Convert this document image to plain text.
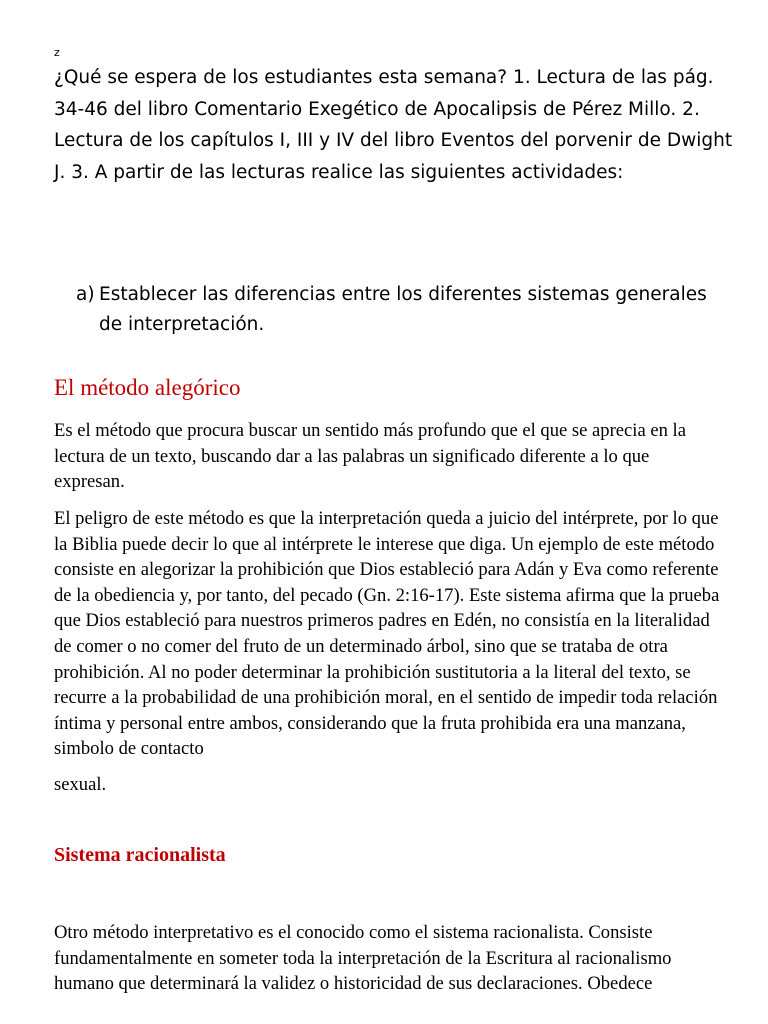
z

¿Qué se espera de los estudiantes esta semana? 1. Lectura de las pág. 34-46 del libro Comentario Exegético de Apocalipsis de Pérez Millo. 2. Lectura de los capítulos I, III y IV del libro Eventos del porvenir de Dwight J. 3. A partir de las lecturas realice las siguientes actividades:

a) Establecer las diferencias entre los diferentes sistemas generales de interpretación.
El método alegórico

Es el método que procura buscar un sentido más profundo que el que se aprecia en la lectura de un texto, buscando dar a las palabras un significado diferente a lo que expresan.

El peligro de este método es que la interpretación queda a juicio del intérprete, por lo que la Biblia puede decir lo que al intérprete le interese que diga. Un ejemplo de este método consiste en alegorizar la prohibición que Dios estableció para Adán y Eva como referente de la obediencia y, por tanto, del pecado (Gn. 2:16-17). Este sistema afirma que la prueba que Dios estableció para nuestros primeros padres en Edén, no consistía en la literalidad de comer o no comer del fruto de un determinado árbol, sino que se trataba de otra prohibición. Al no poder determinar la prohibición sustitutoria a la literal del texto, se recurre a la probabilidad de una prohibición moral, en el sentido de impedir toda relación íntima y personal entre ambos, considerando que la fruta prohibida era una manzana, simbolo de contacto

sexual.

Sistema racionalista

Otro método interpretativo es el conocido como el sistema racionalista. Consiste fundamentalmente en someter toda la interpretación de la Escritura al racionalismo humano que determinará la validez o historicidad de sus declaraciones. Obedece
